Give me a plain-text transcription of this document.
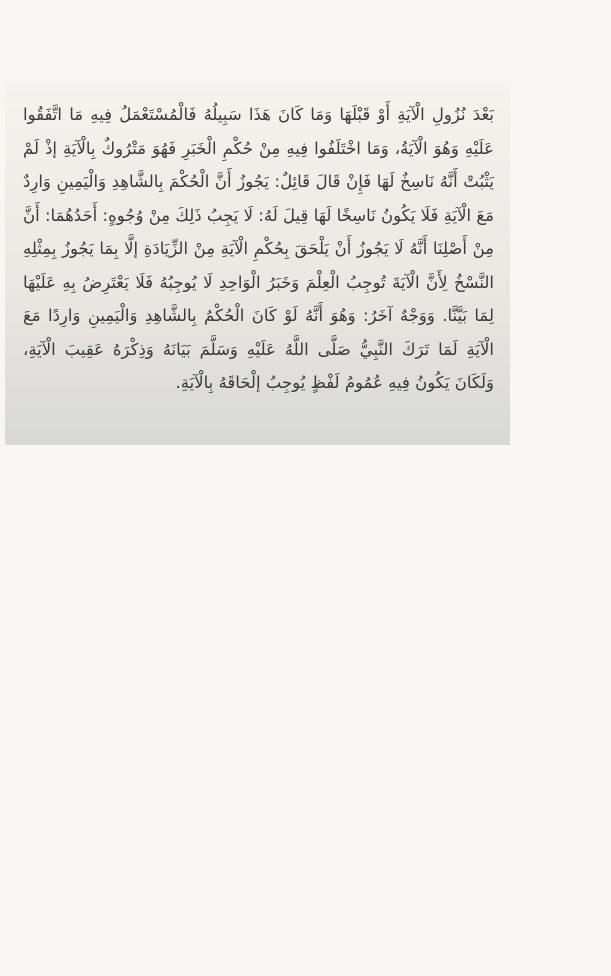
بَعْدَ نُزُولِ الْآيَةِ أَوْ قَبْلَهَا وَمَا كَانَ هَذَا سَبِيلُهُ فَالْمُسْتَعْمَلُ فِيهِ مَا اتَّفَقُوا عَلَيْهِ وَهُوَ الْآيَةُ، وَمَا اخْتَلَفُوا فِيهِ مِنْ حُكْمِ الْخَبَرِ فَهُوَ مَتْرُوكٌ بِالْآيَةِ إذْ لَمْ يَثْبُتْ أَنَّهُ نَاسِخٌ لَهَا فَإِنْ قَالَ قَائِلٌ: يَجُوزُ أَنَّ الْحُكْمَ بِالشَّاهِدِ وَالْيَمِينِ وَارِدٌ مَعَ الْآيَةِ فَلَا يَكُونُ نَاسِخًا لَهَا قِيلَ لَهُ: لَا يَجِبُ ذَلِكَ مِنْ وُجُوهٍ: أَحَدُهُمَا: أَنَّ مِنْ أَصْلِنَا أَنَّهُ لَا يَجُوزُ أَنْ يَلْحَقَ بِحُكْمِ الْآيَةِ مِنْ الزِّيَادَةِ إلَّا بِمَا يَجُوزُ بِمِثْلِهِ النَّسْخُ لِأَنَّ الْآيَةَ تُوجِبُ الْعِلْمَ وَخَبَرُ الْوَاحِدِ لَا يُوجِبُهُ فَلَا يَعْتَرِضُ بِهِ عَلَيْهَا لِمَا بَيَّنَّا. وَوَجْهٌ آخَرُ: وَهُوَ أَنَّهُ لَوْ كَانَ الْحُكْمُ بِالشَّاهِدِ وَالْيَمِينِ وَارِدًا مَعَ الْآيَةِ لَمَا تَرَكَ النَّبِيُّ صَلَّى اللَّهُ عَلَيْهِ وَسَلَّمَ بَيَانَهُ وَذِكْرَهُ عَقِيبَ الْآيَةِ، وَلَكَانَ يَكُونُ فِيهِ عُمُومُ لَفْظٍ يُوجِبُ إلْحَاقَهُ بِالْآيَةِ.
